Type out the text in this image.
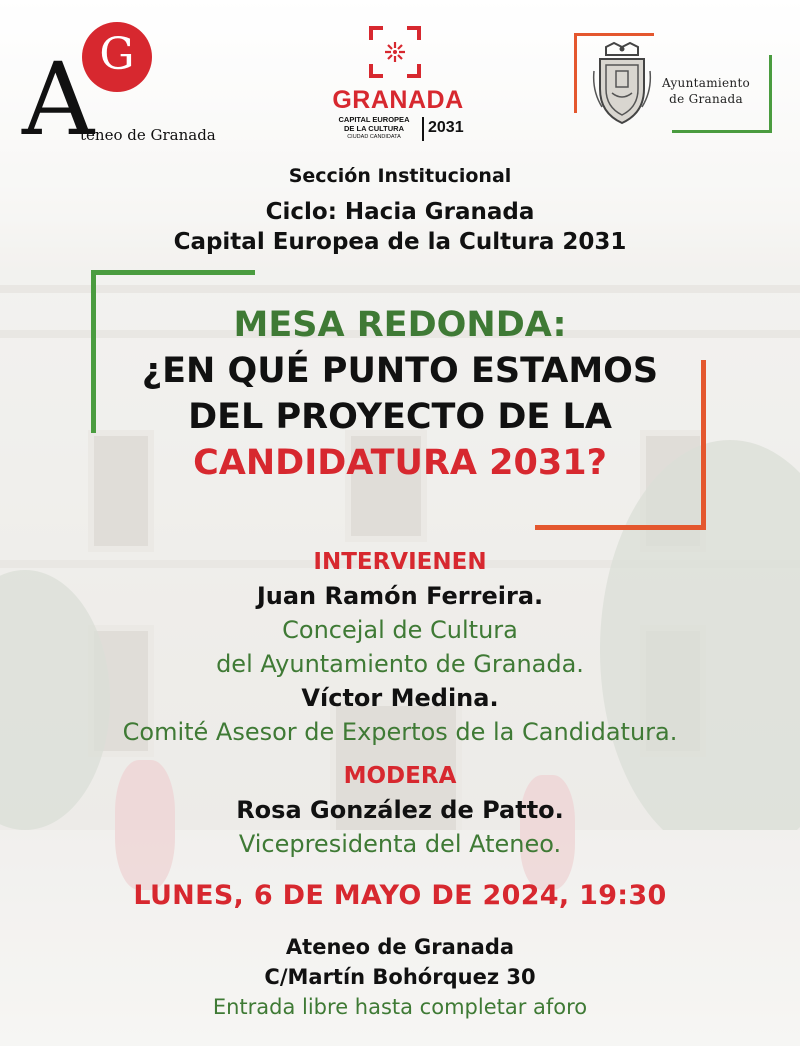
G
A
teneo de Granada
GRANADA
CAPITAL EUROPEA
DE LA CULTURA
CIUDAD CANDIDATA
2031
Ayuntamiento
de Granada
Sección Institucional
Ciclo: Hacia Granada
Capital Europea de la Cultura 2031
MESA REDONDA:
¿EN QUÉ PUNTO ESTAMOS
DEL PROYECTO DE LA
CANDIDATURA 2031?
INTERVIENEN
Juan Ramón Ferreira.
Concejal de Cultura
del Ayuntamiento de Granada.
Víctor Medina.
Comité Asesor de Expertos de la Candidatura.
MODERA
Rosa González de Patto.
Vicepresidenta del Ateneo.
LUNES, 6 DE MAYO DE 2024, 19:30
Ateneo de Granada
C/Martín Bohórquez 30
Entrada libre hasta completar aforo
